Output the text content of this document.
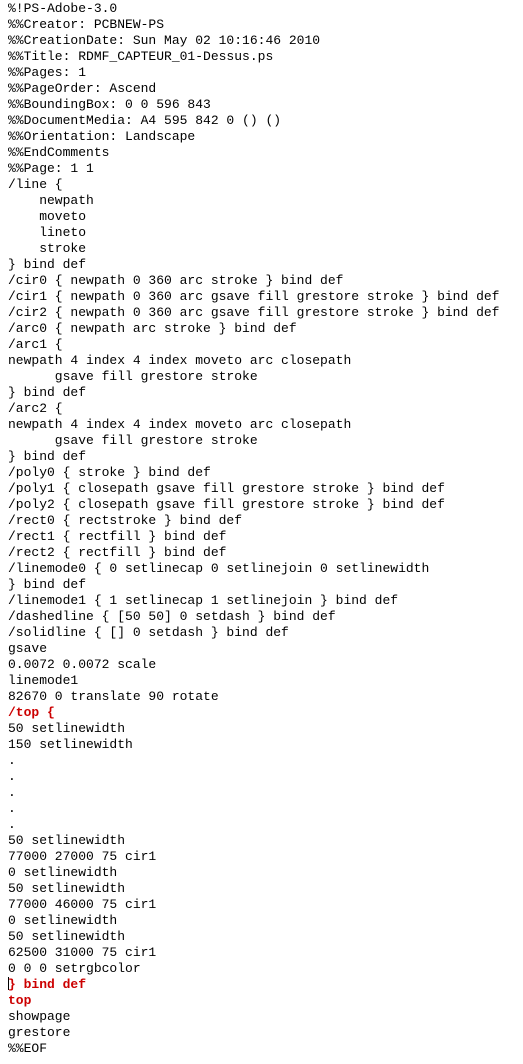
%!PS-Adobe-3.0
%%Creator: PCBNEW-PS
%%CreationDate: Sun May 02 10:16:46 2010
%%Title: RDMF_CAPTEUR_01-Dessus.ps
%%Pages: 1
%%PageOrder: Ascend
%%BoundingBox: 0 0 596 843
%%DocumentMedia: A4 595 842 0 () ()
%%Orientation: Landscape
%%EndComments
%%Page: 1 1
/line {
newpath
moveto
lineto
stroke
} bind def
/cir0 { newpath 0 360 arc stroke } bind def
/cir1 { newpath 0 360 arc gsave fill grestore stroke } bind def
/cir2 { newpath 0 360 arc gsave fill grestore stroke } bind def
/arc0 { newpath arc stroke } bind def
/arc1 {
newpath 4 index 4 index moveto arc closepath
gsave fill grestore stroke
} bind def
/arc2 {
newpath 4 index 4 index moveto arc closepath
gsave fill grestore stroke
} bind def
/poly0 { stroke } bind def
/poly1 { closepath gsave fill grestore stroke } bind def
/poly2 { closepath gsave fill grestore stroke } bind def
/rect0 { rectstroke } bind def
/rect1 { rectfill } bind def
/rect2 { rectfill } bind def
/linemode0 { 0 setlinecap 0 setlinejoin 0 setlinewidth
} bind def
/linemode1 { 1 setlinecap 1 setlinejoin } bind def
/dashedline { [50 50] 0 setdash } bind def
/solidline { [] 0 setdash } bind def
gsave
0.0072 0.0072 scale
linemode1
82670 0 translate 90 rotate
/top {
50 setlinewidth
150 setlinewidth
.
.
.
.
.
50 setlinewidth
77000 27000 75 cir1
0 setlinewidth
50 setlinewidth
77000 46000 75 cir1
0 setlinewidth
50 setlinewidth
62500 31000 75 cir1
0 0 0 setrgbcolor
} bind def
top
showpage
grestore
%%EOF
